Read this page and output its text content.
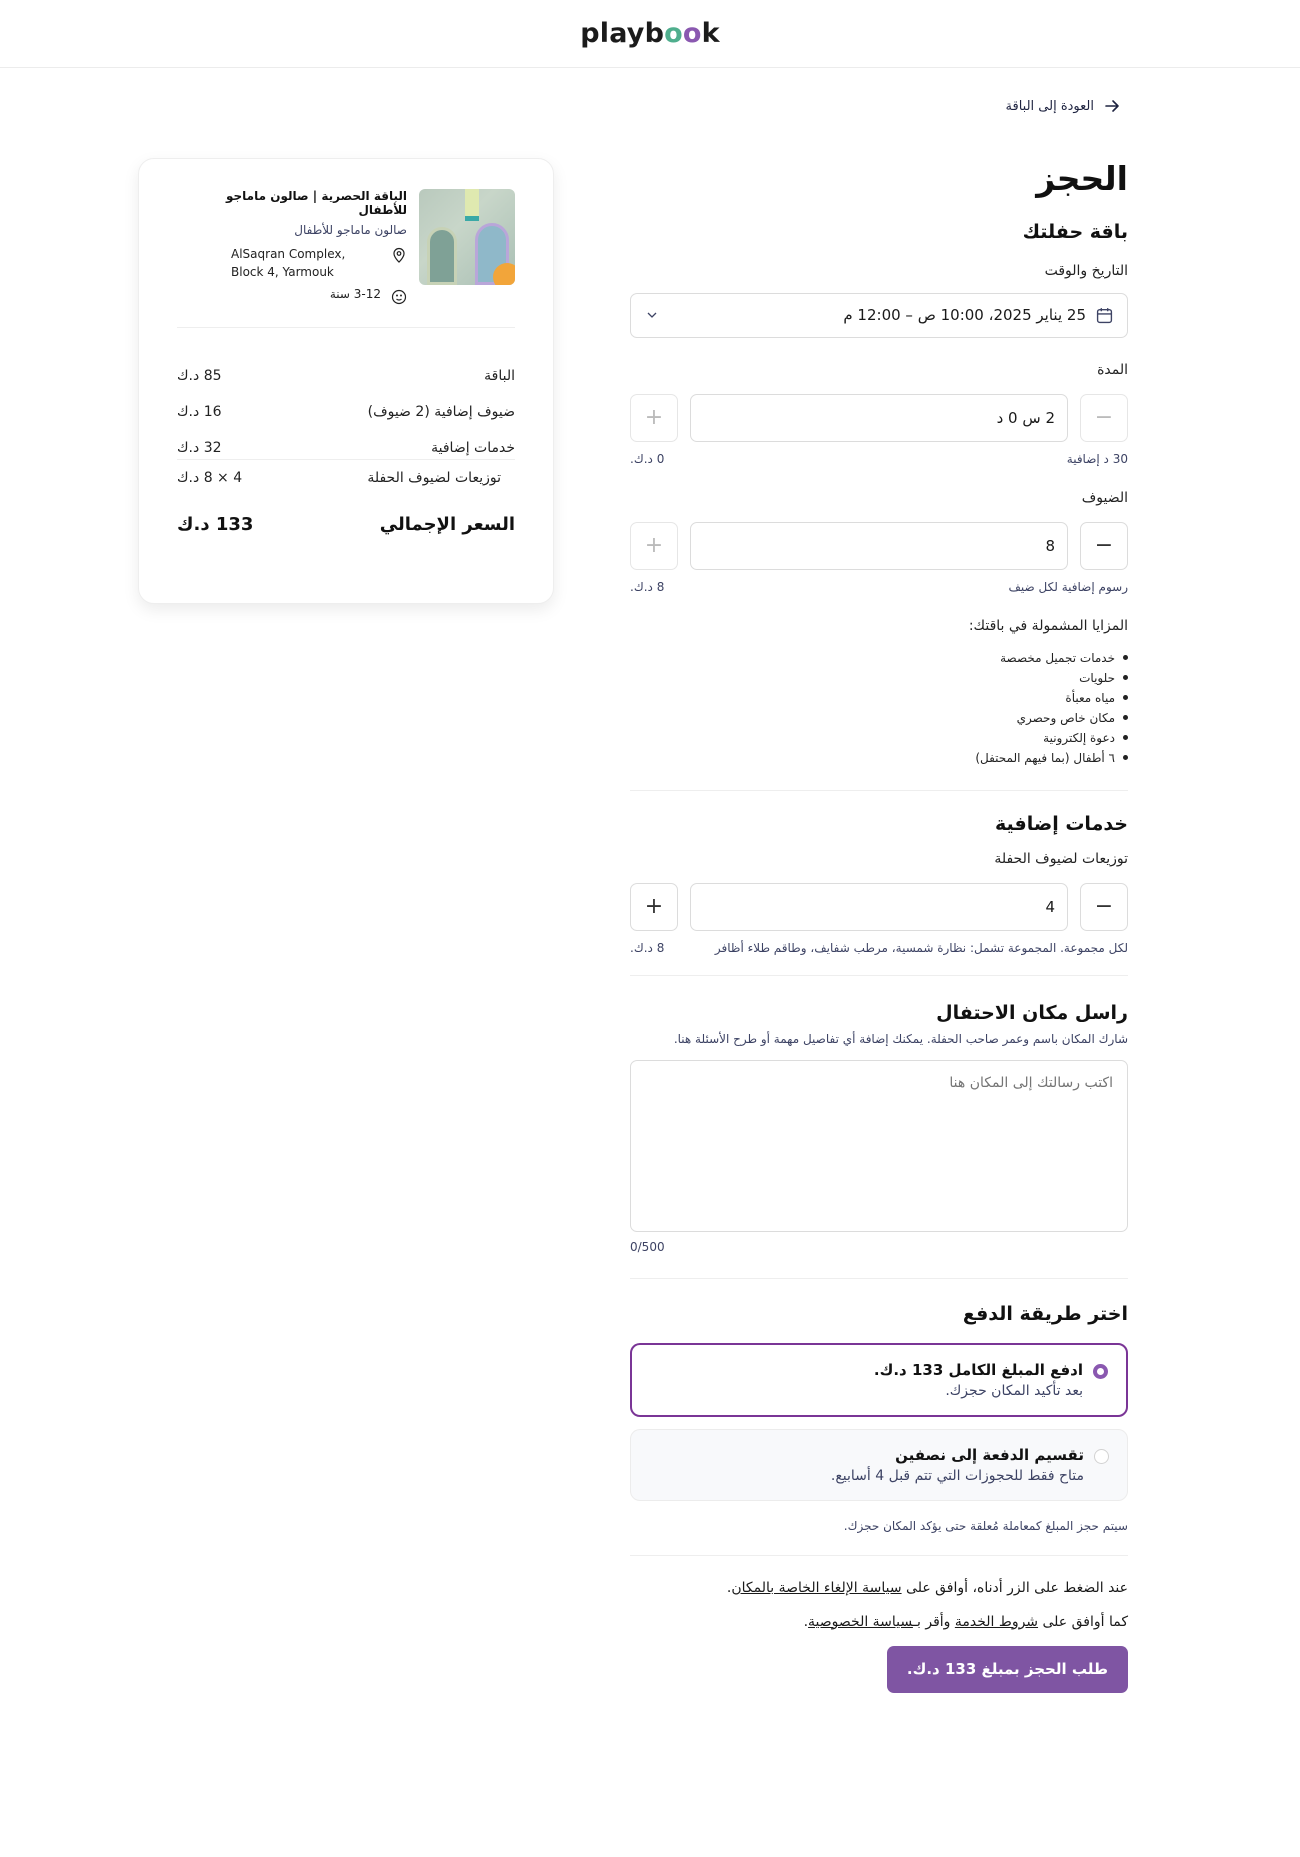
playbook
العودة إلى الباقة
الحجز
باقة حفلتك
التاريخ والوقت
25 يناير 2025، 10:00 ص – 12:00 م
المدة
−
2 س 0 د
+
30 د إضافية
0 د.ك.
الضيوف
−
8
+
رسوم إضافية لكل ضيف
8 د.ك.
المزايا المشمولة في باقتك:
خدمات تجميل مخصصة
حلويات
مياه معبأة
مكان خاص وحصري
دعوة إلكترونية
٦ أطفال (بما فيهم المحتفل)
خدمات إضافية
توزيعات لضيوف الحفلة
−
4
+
لكل مجموعة. المجموعة تشمل: نظارة شمسية، مرطب شفايف، وطاقم طلاء أظافر
8 د.ك.
راسل مكان الاحتفال
شارك المكان باسم وعمر صاحب الحفلة. يمكنك إضافة أي تفاصيل مهمة أو طرح الأسئلة هنا.
اكتب رسالتك إلى المكان هنا
0/500
اختر طريقة الدفع
ادفع المبلغ الكامل 133 د.ك.
بعد تأكيد المكان حجزك.
تقسيم الدفعة إلى نصفين
متاح فقط للحجوزات التي تتم قبل 4 أسابيع.
سيتم حجز المبلغ كمعاملة مُعلقة حتى يؤكد المكان حجزك.

عند الضغط على الزر أدناه، أوافق على سياسة الإلغاء الخاصة بالمكان.

كما أوافق على شروط الخدمة وأقر بـسياسة الخصوصية.

طلب الحجز بمبلغ 133 د.ك.
الباقة الحصرية | صالون ماماجو للأطفال
صالون ماماجو للأطفال
AlSaqran Complex, Block 4, Yarmouk
3-12 سنة
الباقة
85 د.ك
ضيوف إضافية (2 ضيوف)
16 د.ك
خدمات إضافية
32 د.ك
توزيعات لضيوف الحفلة
4 × 8 د.ك
السعر الإجمالي
133 د.ك
